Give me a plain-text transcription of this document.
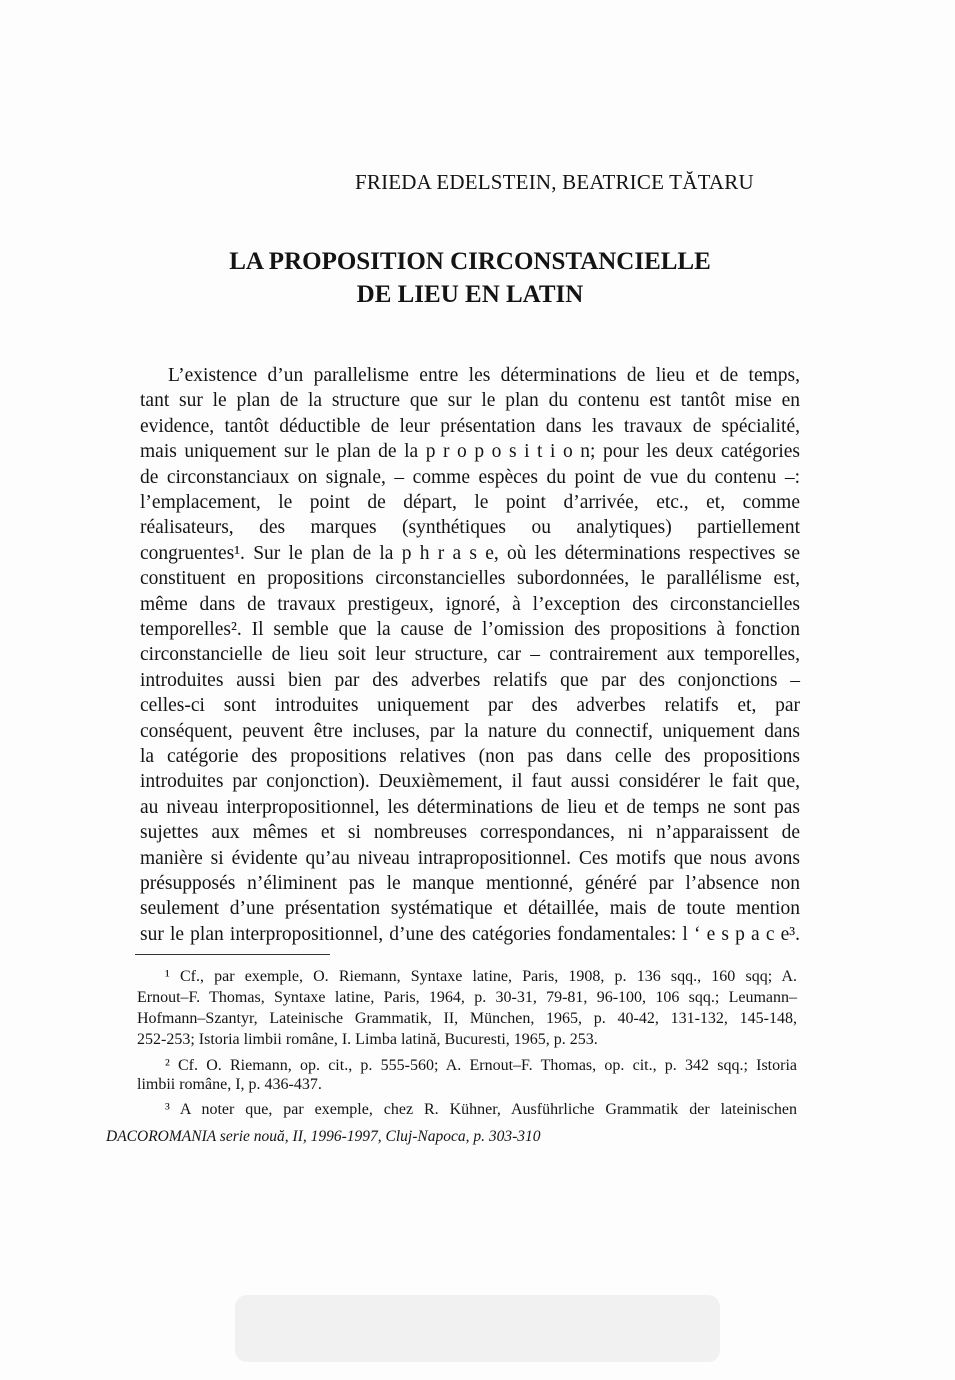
FRIEDA EDELSTEIN, BEATRICE TĂTARU
LA PROPOSITION CIRCONSTANCIELLE
DE LIEU EN LATIN
L’existence d’un parallelisme entre les déterminations de lieu et de temps,
tant sur le plan de la structure que sur le plan du contenu est tantôt mise en
evidence, tantôt déductible de leur présentation dans les travaux de spécialité,
mais uniquement sur le plan de la p r o p o s i t i o n; pour les deux catégories
de circonstanciaux on signale, – comme espèces du point de vue du contenu –:
l’emplacement, le point de départ, le point d’arrivée, etc., et, comme
réalisateurs, des marques (synthétiques ou analytiques) partiellement
congruentes¹. Sur le plan de la p h r a s e, où les déterminations respectives se
constituent en propositions circonstancielles subordonnées, le parallélisme est,
même dans de travaux prestigeux, ignoré, à l’exception des circonstancielles
temporelles². Il semble que la cause de l’omission des propositions à fonction
circonstancielle de lieu soit leur structure, car – contrairement aux temporelles,
introduites aussi bien par des adverbes relatifs que par des conjonctions –
celles-ci sont introduites uniquement par des adverbes relatifs et, par
conséquent, peuvent être incluses, par la nature du connectif, uniquement dans
la catégorie des propositions relatives (non pas dans celle des propositions
introduites par conjonction). Deuxièmement, il faut aussi considérer le fait que,
au niveau interpropositionnel, les déterminations de lieu et de temps ne sont pas
sujettes aux mêmes et si nombreuses correspondances, ni n’apparaissent de
manière si évidente qu’au niveau intrapropositionnel. Ces motifs que nous avons
présupposés n’éliminent pas le manque mentionné, généré par l’absence non
seulement d’une présentation systématique et détaillée, mais de toute mention
sur le plan interpropositionnel, d’une des catégories fondamentales: l ‘ e s p a c e³.
¹ Cf., par exemple, O. Riemann, Syntaxe latine, Paris, 1908, p. 136 sqq., 160 sqq; A.
Ernout–F. Thomas, Syntaxe latine, Paris, 1964, p. 30-31, 79-81, 96-100, 106 sqq.; Leumann–
Hofmann–Szantyr, Lateinische Grammatik, II, München, 1965, p. 40-42, 131-132, 145-148,
252-253; Istoria limbii române, I. Limba latină, Bucuresti, 1965, p. 253.
² Cf. O. Riemann, op. cit., p. 555-560; A. Ernout–F. Thomas, op. cit., p. 342 sqq.; Istoria
limbii române, I, p. 436-437.
³ A noter que, par exemple, chez R. Kühner, Ausführliche Grammatik der lateinischen
DACOROMANIA serie nouă, II, 1996-1997, Cluj-Napoca, p. 303-310
